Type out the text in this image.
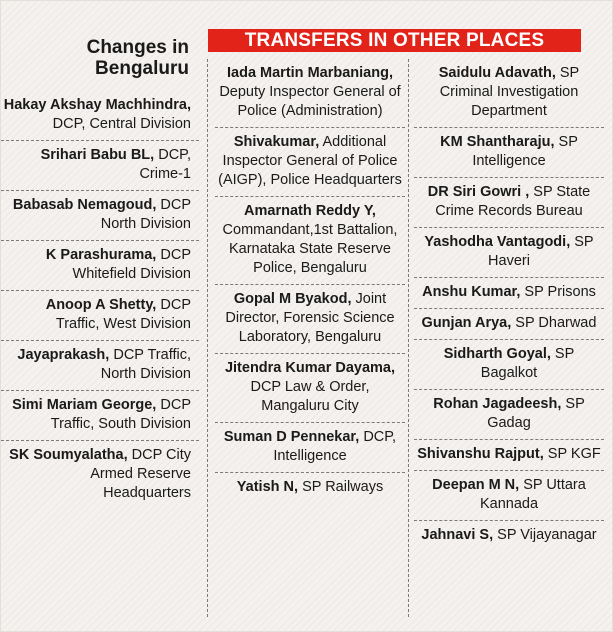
TRANSFERS IN OTHER PLACES
Changes in
Bengaluru
Hakay Akshay Machhindra, DCP, Central Division
Srihari Babu BL, DCP, Crime-1
Babasab Nemagoud, DCP North Division
K Parashurama, DCP Whitefield Division
Anoop A Shetty, DCP Traffic, West Division
Jayaprakash, DCP Traffic, North Division
Simi Mariam George, DCP Traffic, South Division
SK Soumyalatha, DCP City Armed Reserve Headquarters
Iada Martin Marbaniang, Deputy Inspector General of Police (Administration)
Shivakumar, Additional Inspector General of Police (AIGP), Police Headquarters
Amarnath Reddy Y, Commandant,1st Battalion, Karnataka State Reserve Police, Bengaluru
Gopal M Byakod, Joint Director, Forensic Science Laboratory, Bengaluru
Jitendra Kumar Dayama, DCP Law & Order, Mangaluru City
Suman D Pennekar, DCP, Intelligence
Yatish N, SP Railways
Saidulu Adavath, SP Criminal Investigation Department
KM Shantharaju, SP Intelligence
DR Siri Gowri , SP State Crime Records Bureau
Yashodha Vantagodi, SP Haveri
Anshu Kumar, SP Prisons
Gunjan Arya, SP Dharwad
Sidharth Goyal, SP Bagalkot
Rohan Jagadeesh, SP Gadag
Shivanshu Rajput, SP KGF
Deepan M N, SP Uttara Kannada
Jahnavi S, SP Vijayanagar
